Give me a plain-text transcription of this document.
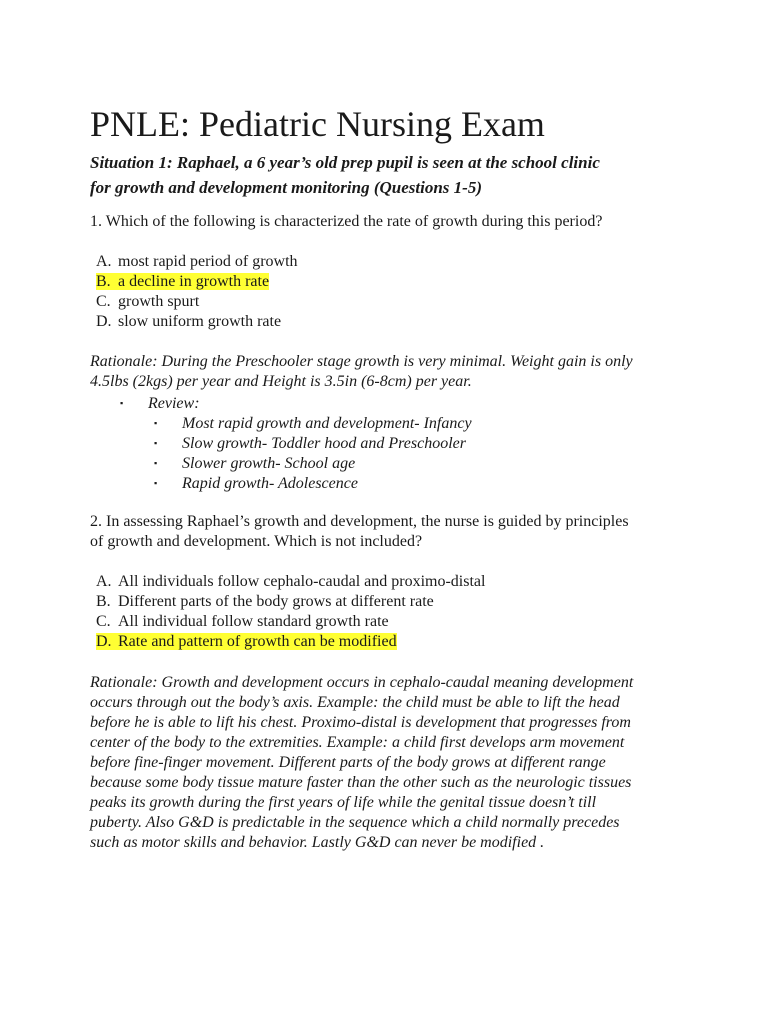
PNLE: Pediatric Nursing Exam

Situation 1: Raphael, a 6 year’s old prep pupil is seen at the school clinic
for growth and development monitoring (Questions 1-5)

1. Which of the following is characterized the rate of growth during this period?

A. most rapid period of growth
B. a decline in growth rate
C. growth spurt
D. slow uniform growth rate

Rationale: During the Preschooler stage growth is very minimal. Weight gain is only
4.5lbs (2kgs) per year and Height is 3.5in (6-8cm) per year.

▪ Review:
▪ Most rapid growth and development- Infancy
▪ Slow growth- Toddler hood and Preschooler
▪ Slower growth- School age
▪ Rapid growth- Adolescence

2. In assessing Raphael’s growth and development, the nurse is guided by principles
of growth and development. Which is not included?

A. All individuals follow cephalo-caudal and proximo-distal
B. Different parts of the body grows at different rate
C. All individual follow standard growth rate
D. Rate and pattern of growth can be modified

Rationale: Growth and development occurs in cephalo-caudal meaning development
occurs through out the body’s axis. Example: the child must be able to lift the head
before he is able to lift his chest. Proximo-distal is development that progresses from
center of the body to the extremities. Example: a child first develops arm movement
before fine-finger movement. Different parts of the body grows at different range
because some body tissue mature faster than the other such as the neurologic tissues
peaks its growth during the first years of life while the genital tissue doesn’t till
puberty. Also G&D is predictable in the sequence which a child normally precedes
such as motor skills and behavior. Lastly G&D can never be modified .
